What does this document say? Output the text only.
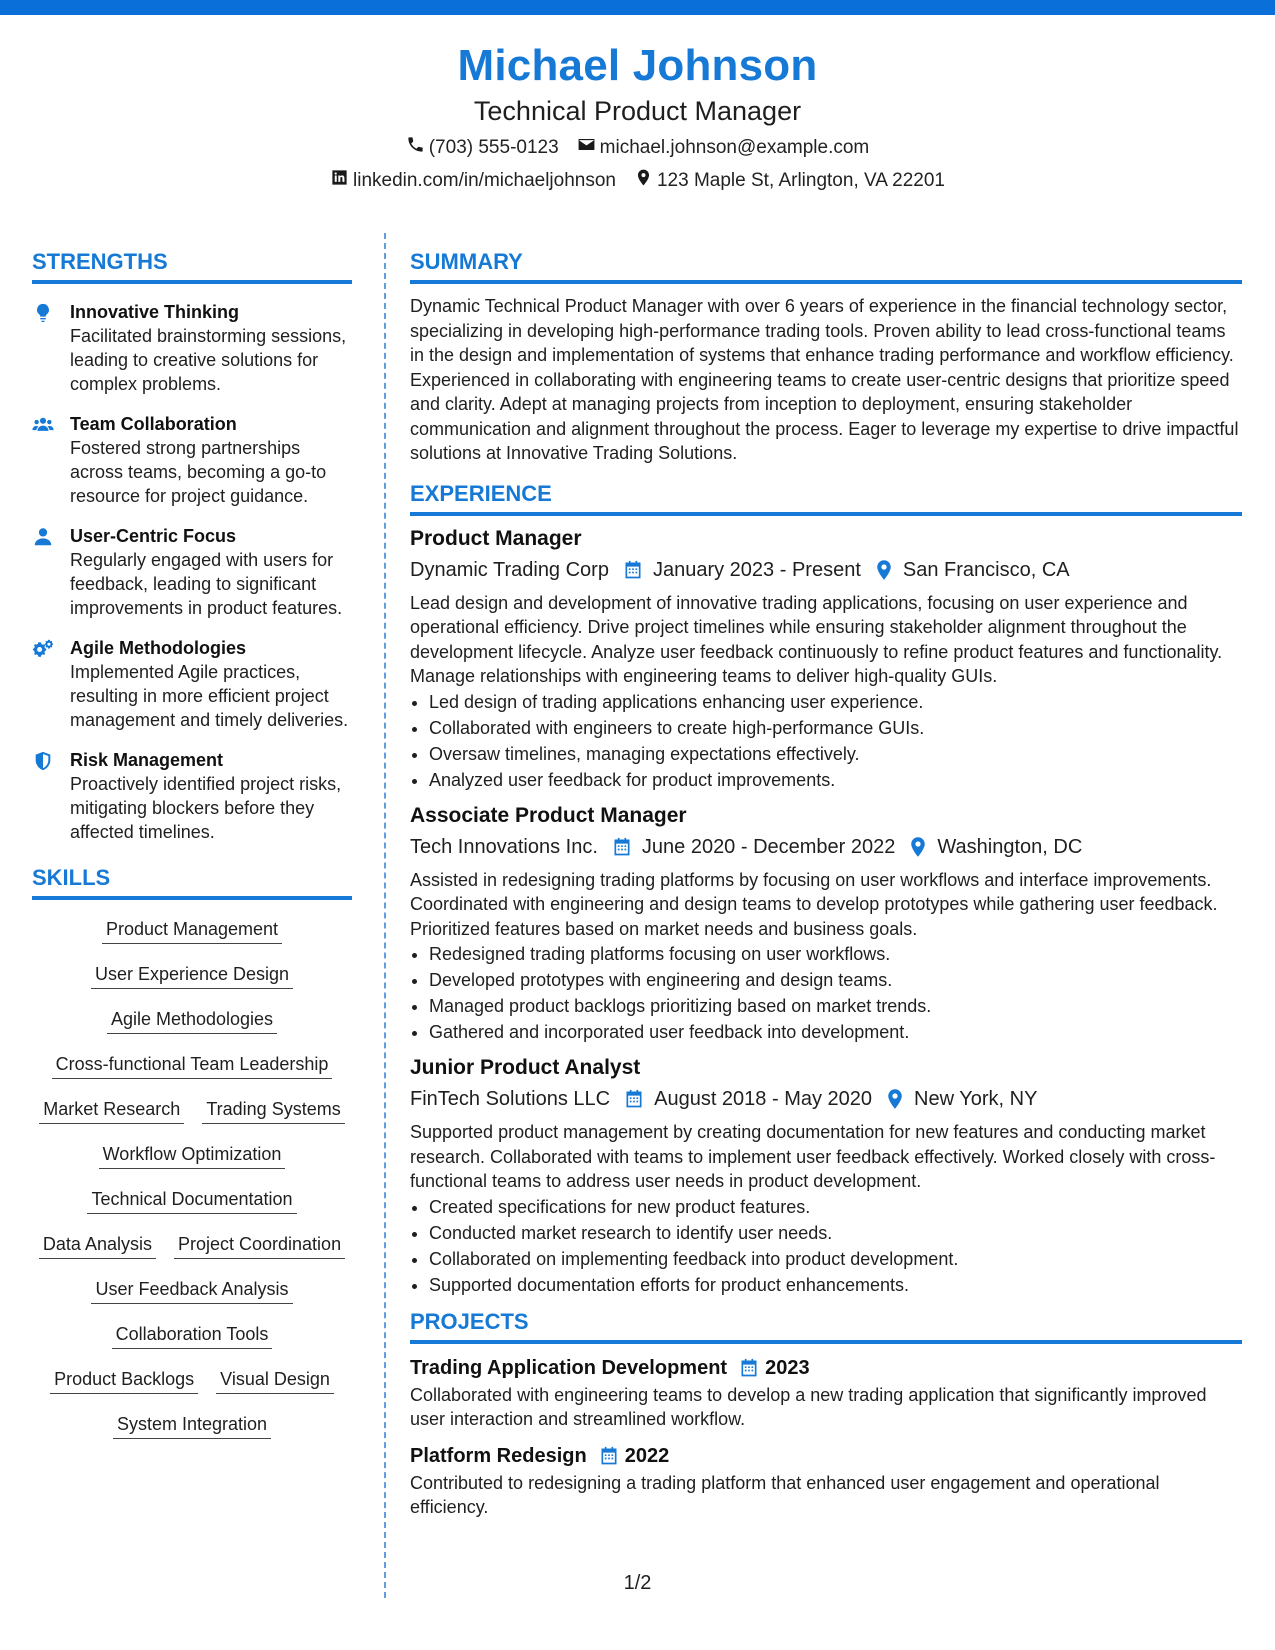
Michael Johnson
Technical Product Manager
(703) 555-0123 michael.johnson@example.com
linkedin.com/in/michaeljohnson 123 Maple St, Arlington, VA 22201
STRENGTHS
Innovative Thinking
Facilitated brainstorming sessions, leading to creative solutions for complex problems.
Team Collaboration
Fostered strong partnerships across teams, becoming a go-to resource for project guidance.
User-Centric Focus
Regularly engaged with users for feedback, leading to significant improvements in product features.
Agile Methodologies
Implemented Agile practices, resulting in more efficient project management and timely deliveries.
Risk Management
Proactively identified project risks, mitigating blockers before they affected timelines.
SKILLS
Product Management
User Experience Design
Agile Methodologies
Cross-functional Team Leadership
Market Research Trading Systems
Workflow Optimization
Technical Documentation
Data Analysis Project Coordination
User Feedback Analysis
Collaboration Tools
Product Backlogs Visual Design
System Integration
SUMMARY
Dynamic Technical Product Manager with over 6 years of experience in the financial technology sector, specializing in developing high-performance trading tools. Proven ability to lead cross-functional teams in the design and implementation of systems that enhance trading performance and workflow efficiency. Experienced in collaborating with engineering teams to create user-centric designs that prioritize speed and clarity. Adept at managing projects from inception to deployment, ensuring stakeholder communication and alignment throughout the process. Eager to leverage my expertise to drive impactful solutions at Innovative Trading Solutions.
EXPERIENCE
Product Manager
Dynamic Trading Corp January 2023 - Present San Francisco, CA
Lead design and development of innovative trading applications, focusing on user experience and operational efficiency. Drive project timelines while ensuring stakeholder alignment throughout the development lifecycle. Analyze user feedback continuously to refine product features and functionality. Manage relationships with engineering teams to deliver high-quality GUIs.
• Led design of trading applications enhancing user experience.
• Collaborated with engineers to create high-performance GUIs.
• Oversaw timelines, managing expectations effectively.
• Analyzed user feedback for product improvements.
Associate Product Manager
Tech Innovations Inc. June 2020 - December 2022 Washington, DC
Assisted in redesigning trading platforms by focusing on user workflows and interface improvements. Coordinated with engineering and design teams to develop prototypes while gathering user feedback. Prioritized features based on market needs and business goals.
• Redesigned trading platforms focusing on user workflows.
• Developed prototypes with engineering and design teams.
• Managed product backlogs prioritizing based on market trends.
• Gathered and incorporated user feedback into development.
Junior Product Analyst
FinTech Solutions LLC August 2018 - May 2020 New York, NY
Supported product management by creating documentation for new features and conducting market research. Collaborated with teams to implement user feedback effectively. Worked closely with cross-functional teams to address user needs in product development.
• Created specifications for new product features.
• Conducted market research to identify user needs.
• Collaborated on implementing feedback into product development.
• Supported documentation efforts for product enhancements.
PROJECTS
Trading Application Development 2023
Collaborated with engineering teams to develop a new trading application that significantly improved user interaction and streamlined workflow.
Platform Redesign 2022
Contributed to redesigning a trading platform that enhanced user engagement and operational efficiency.
1/2
